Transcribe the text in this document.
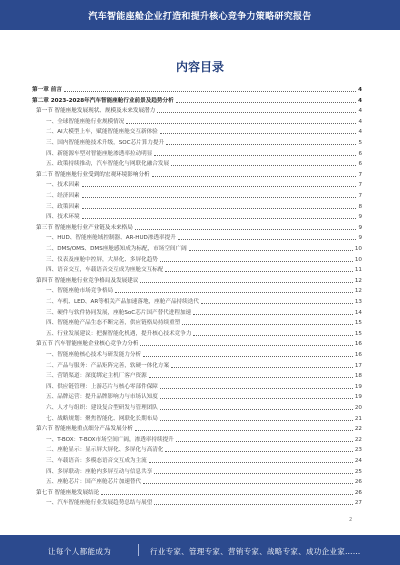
汽车智能座舱企业打造和提升核心竞争力策略研究报告
内容目录
第一章 前言	4
第二章 2023-2028年汽车智能座舱行业前景及趋势分析	4
第一节 智能座舱发展现状、规模及未来发展潜力	4
一、全球智能座舱行业规模情况	4
二、AI大模型上车，赋能智能座舱交互新体验	4
三、国内智能座舱技术升级，SOC芯片算力提升	5
四、新能源车型对智能座舱渗透率拉动明显	6
五、政策持续推动，汽车智能化与网联化融合发展	6
第二节 智能座舱行业受到的宏观环境影响分析	7
一、技术因素	7
二、经济因素	7
三、政策因素	8
四、技术环境	9
第三节 智能座舱行业产业链及未来格局	9
一、HUD、智能座舱域控制器、AR-HUD渗透率提升	9
二、DMS/OMS、DMS座舱感知成为标配，市场空间广阔	10
三、仪表及座舱中控屏，大屏化、多屏化趋势	10
四、语音交互，车载语音交互成为座舱交互标配	11
第四节 智能座舱行业竞争格局及发展建议	12
一、智能座舱市场竞争格局	12
二、车机、LED、AR等相关产品加速落地，座舱产品持续迭代	13
三、硬件与软件协同发展，座舱SoC芯片国产替代进程加速	14
四、智能座舱产品生态不断完善，供应链格局持续重塑	15
五、行业发展建议：把握智能化机遇，提升核心技术竞争力	15
第五节 汽车智能座舱企业核心竞争力分析	16
一、智能座舱核心技术与研发能力分析	16
二、产品与服务：产品矩阵完善，软硬一体化方案	17
三、营销渠道：深度绑定主机厂客户资源	18
四、供应链管理：上游芯片与核心零部件保障	19
五、品牌运营：提升品牌影响力与市场认知度	19
六、人才与组织：建设复合型研发与管理团队	20
七、战略规划：聚焦智能化、网联化长期布局	21
第六节 智能座舱重点细分产品发展分析	22
一、T-BOX：T-BOX市场空间广阔，渗透率持续提升	22
二、座舱显示：显示屏大屏化、多屏化与高清化	23
三、车载语音：多模态语音交互成为主流	24
四、多屏联动：座舱内多屏互动与信息共享	25
五、座舱芯片：国产座舱芯片加速替代	26
第七节 智能座舱发展结论	26
一、汽车智能座舱行业发展趋势总结与展望	27
2
让每个人都能成为	行业专家、管理专家、营销专家、战略专家、成功企业家……
